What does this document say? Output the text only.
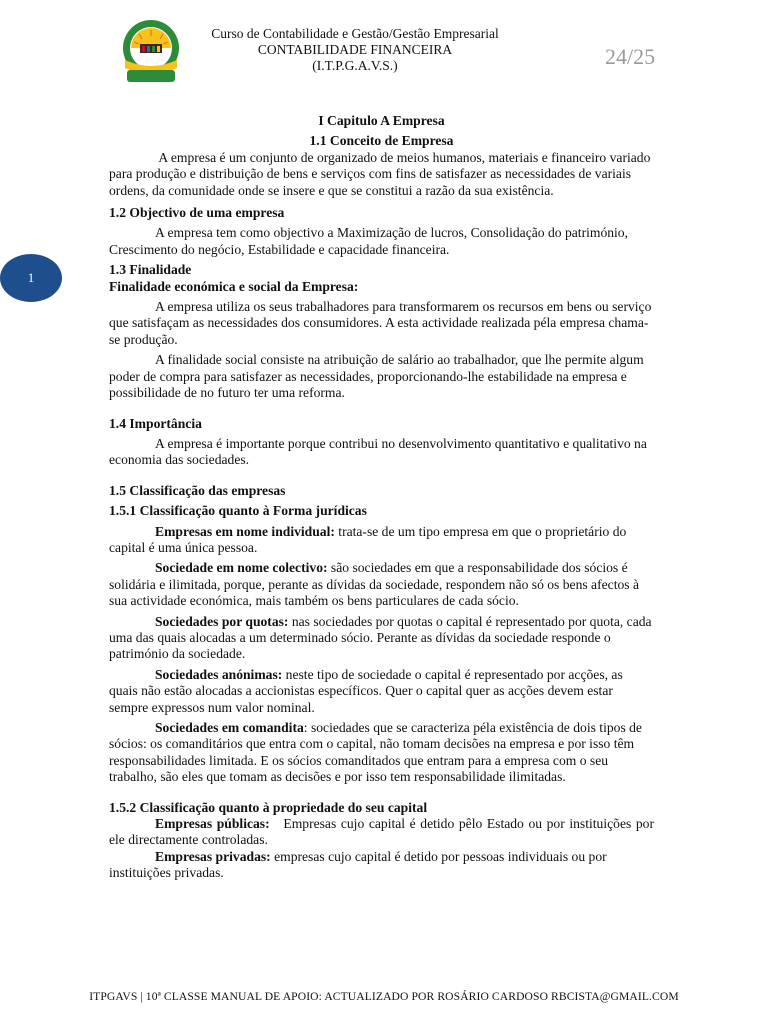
Curso de Contabilidade e Gestão/Gestão Empresarial
CONTABILIDADE FINANCEIRA
(I.T.P.G.A.V.S.)	24/25
1

I Capitulo A Empresa

1.1 Conceito de Empresa

A empresa é um conjunto de organizado de meios humanos, materiais e financeiro variado para produção e distribuição de bens e serviços com fins de satisfazer as necessidades de variais ordens, da comunidade onde se insere e que se constitui a razão da sua existência.

1.2 Objectivo de uma empresa

A empresa tem como objectivo a Maximização de lucros, Consolidação do património, Crescimento do negócio, Estabilidade e capacidade financeira.

1.3 Finalidade

Finalidade económica e social da Empresa:

A empresa utiliza os seus trabalhadores para transformarem os recursos em bens ou serviço que satisfaçam as necessidades dos consumidores. A esta actividade realizada péla empresa chama-se produção.

A finalidade social consiste na atribuição de salário ao trabalhador, que lhe permite algum poder de compra para satisfazer as necessidades, proporcionando-lhe estabilidade na empresa e possibilidade de no futuro ter uma reforma.

1.4 Importância

A empresa é importante porque contribui no desenvolvimento quantitativo e qualitativo na economia das sociedades.

1.5 Classificação das empresas

1.5.1 Classificação quanto à Forma jurídicas

Empresas em nome individual: trata-se de um tipo empresa em que o proprietário do capital é uma única pessoa.

Sociedade em nome colectivo: são sociedades em que a responsabilidade dos sócios é solidária e ilimitada, porque, perante as dívidas da sociedade, respondem não só os bens afectos à sua actividade económica, mais também os bens particulares de cada sócio.

Sociedades por quotas: nas sociedades por quotas o capital é representado por quota, cada uma das quais alocadas a um determinado sócio. Perante as dívidas da sociedade responde o património da sociedade.

Sociedades anónimas: neste tipo de sociedade o capital é representado por acções, as quais não estão alocadas a accionistas específicos. Quer o capital quer as acções devem estar sempre expressos num valor nominal.

Sociedades em comandita: sociedades que se caracteriza péla existência de dois tipos de sócios: os comanditários que entra com o capital, não tomam decisões na empresa e por isso têm responsabilidades limitada. E os sócios comanditados que entram para a empresa com o seu trabalho, são eles que tomam as decisões e por isso tem responsabilidade ilimitadas.

1.5.2 Classificação quanto à propriedade do seu capital

Empresas públicas:   Empresas cujo capital é detido pêlo Estado ou por instituições por ele directamente controladas.

Empresas privadas: empresas cujo capital é detido por pessoas individuais ou por instituições privadas.

ITPGAVS | 10ª CLASSE MANUAL DE APOIO: ACTUALIZADO POR ROSÁRIO CARDOSO RBCISTA@GMAIL.COM
